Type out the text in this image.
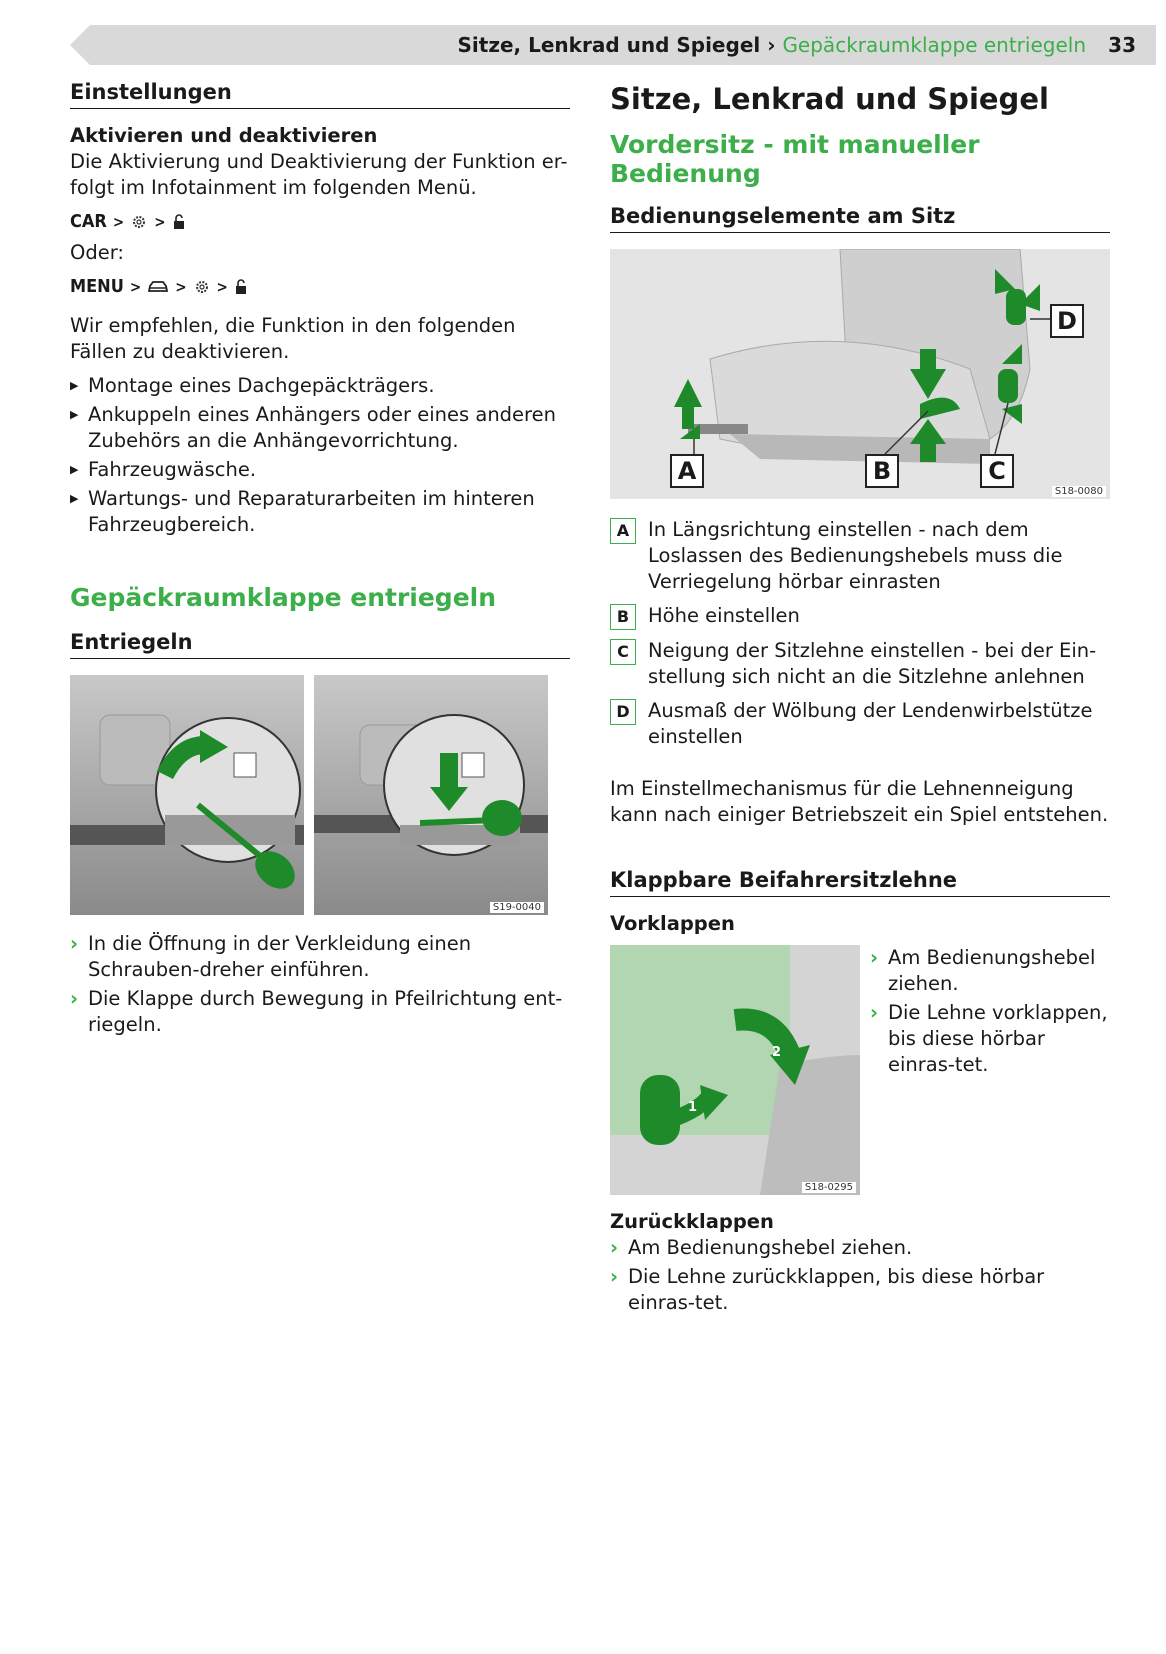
Sitze, Lenkrad und Spiegel › Gepäckraumklappe entriegeln 33
Einstellungen

Aktivieren und deaktivieren

Die Aktivierung und Deaktivierung der Funktion er-folgt im Infotainment im folgenden Menü.

CAR > >

Oder:

MENU > > >

Wir empfehlen, die Funktion in den folgenden Fällen zu deaktivieren.

▶ Montage eines Dachgepäckträgers.
▶ Ankuppeln eines Anhängers oder eines anderen Zubehörs an die Anhängevorrichtung.
▶ Fahrzeugwäsche.
▶ Wartungs- und Reparaturarbeiten im hinteren Fahrzeugbereich.
Gepäckraumklappe entriegeln
Entriegeln
S19-0040
› In die Öffnung in der Verkleidung einen Schrauben-dreher einführen.
› Die Klappe durch Bewegung in Pfeilrichtung ent-riegeln.
Sitze, Lenkrad und Spiegel
Vordersitz - mit manueller Bedienung
Bedienungselemente am Sitz
A	B	C
D
S18-0080
A In Längsrichtung einstellen - nach dem Loslassen des Bedienungshebels muss die Verriegelung hörbar einrasten
B Höhe einstellen
C Neigung der Sitzlehne einstellen - bei der Ein-stellung sich nicht an die Sitzlehne anlehnen
D Ausmaß der Wölbung der Lendenwirbelstütze einstellen

Im Einstellmechanismus für die Lehnenneigung kann nach einiger Betriebszeit ein Spiel entstehen.

Klappbare Beifahrersitzlehne

Vorklappen

1
2
S18-0295
› Am Bedienungshebel ziehen.
› Die Lehne vorklappen, bis diese hörbar einras-tet.

Zurückklappen

› Am Bedienungshebel ziehen.
› Die Lehne zurückklappen, bis diese hörbar einras-tet.
